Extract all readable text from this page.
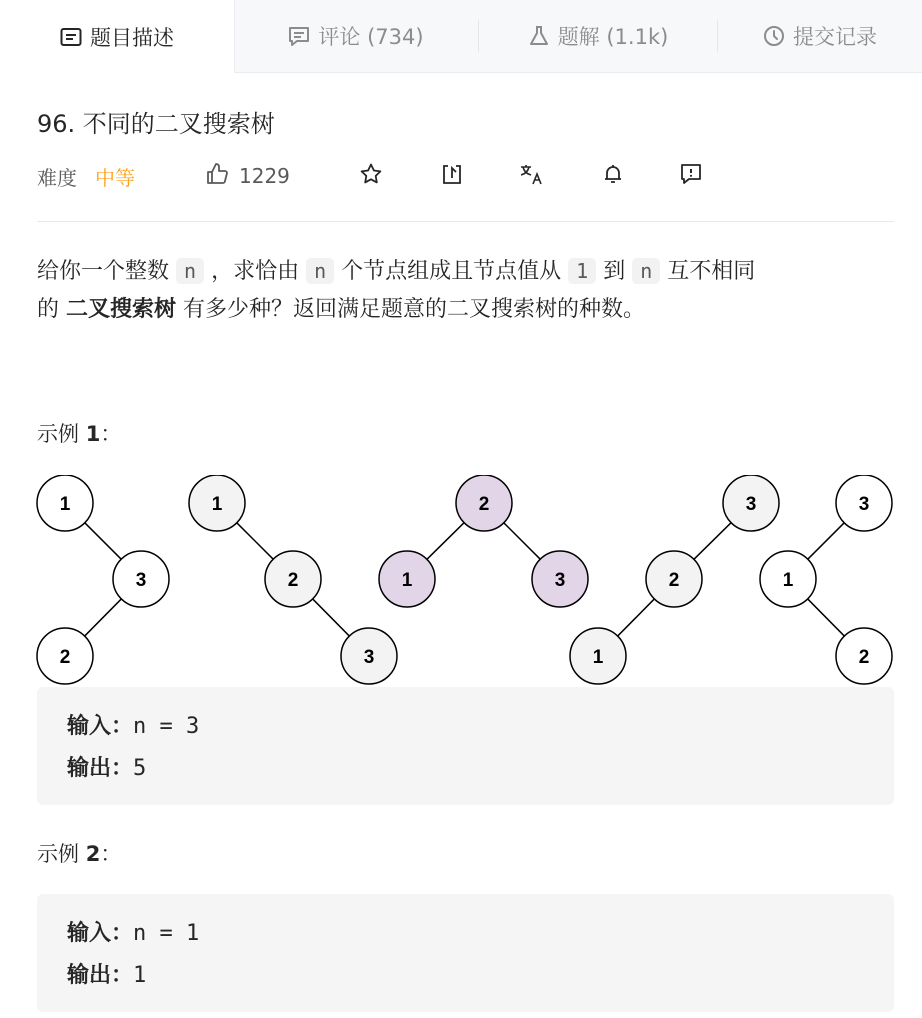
题目描述	评论 (734)	题解 (1.1k)	提交记录
96. 不同的二叉搜索树
难度 中等	1229
给你一个整数 n ，求恰由 n 个节点组成且节点值从 1 到 n 互不相同
的 二叉搜索树 有多少种？返回满足题意的二叉搜索树的种数。
示例 1：
1
3
2
1
2
3
2
1	3
3
2
1
3
1
2
输入：n = 3
输出：5
示例 2：
输入：n = 1
输出：1
